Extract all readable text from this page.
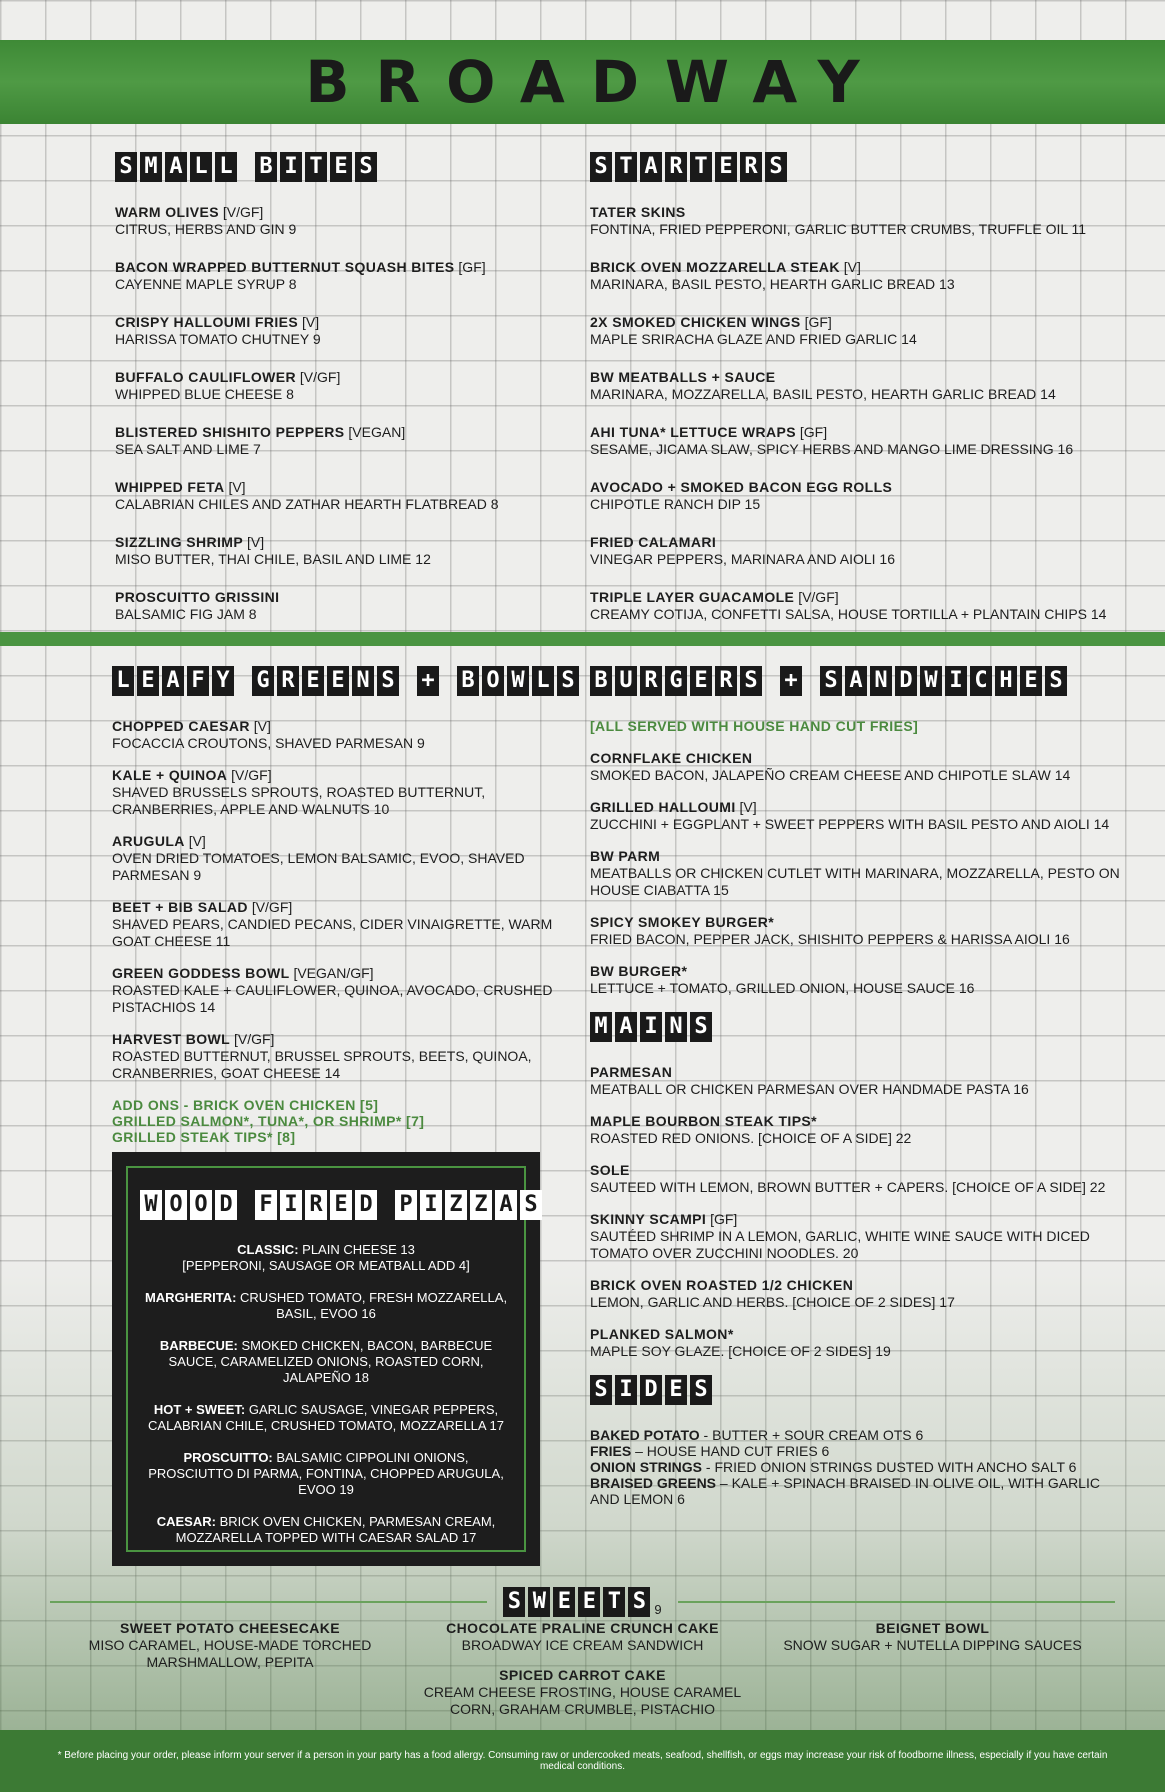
BROADWAY
S M A L L B I T E S
WARM OLIVES [V/GF]
CITRUS, HERBS AND GIN 9
BACON WRAPPED BUTTERNUT SQUASH BITES [GF]
CAYENNE MAPLE SYRUP 8
CRISPY HALLOUMI FRIES [V]
HARISSA TOMATO CHUTNEY 9
BUFFALO CAULIFLOWER [V/GF]
WHIPPED BLUE CHEESE 8
BLISTERED SHISHITO PEPPERS [VEGAN]
SEA SALT AND LIME 7
WHIPPED FETA [V]
CALABRIAN CHILES AND ZATHAR HEARTH FLATBREAD 8
SIZZLING SHRIMP [V]
MISO BUTTER, THAI CHILE, BASIL AND LIME 12
PROSCUITTO GRISSINI
BALSAMIC FIG JAM 8
S T A R T E R S
TATER SKINS
FONTINA, FRIED PEPPERONI, GARLIC BUTTER CRUMBS, TRUFFLE OIL 11
BRICK OVEN MOZZARELLA STEAK [V]
MARINARA, BASIL PESTO, HEARTH GARLIC BREAD 13
2X SMOKED CHICKEN WINGS [GF]
MAPLE SRIRACHA GLAZE AND FRIED GARLIC 14
BW MEATBALLS + SAUCE
MARINARA, MOZZARELLA, BASIL PESTO, HEARTH GARLIC BREAD 14
AHI TUNA* LETTUCE WRAPS [GF]
SESAME, JICAMA SLAW, SPICY HERBS AND MANGO LIME DRESSING 16
AVOCADO + SMOKED BACON EGG ROLLS
CHIPOTLE RANCH DIP 15
FRIED CALAMARI
VINEGAR PEPPERS, MARINARA AND AIOLI 16
TRIPLE LAYER GUACAMOLE [V/GF]
CREAMY COTIJA, CONFETTI SALSA, HOUSE TORTILLA + PLANTAIN CHIPS 14
L E A F Y G R E E N S + B O W L S
CHOPPED CAESAR [V]
FOCACCIA CROUTONS, SHAVED PARMESAN 9
KALE + QUINOA [V/GF]
SHAVED BRUSSELS SPROUTS, ROASTED BUTTERNUT, CRANBERRIES, APPLE AND WALNUTS 10
ARUGULA [V]
OVEN DRIED TOMATOES, LEMON BALSAMIC, EVOO, SHAVED PARMESAN 9
BEET + BIB SALAD [V/GF]
SHAVED PEARS, CANDIED PECANS, CIDER VINAIGRETTE, WARM GOAT CHEESE 11
GREEN GODDESS BOWL [VEGAN/GF]
ROASTED KALE + CAULIFLOWER, QUINOA, AVOCADO, CRUSHED PISTACHIOS 14
HARVEST BOWL [V/GF]
ROASTED BUTTERNUT, BRUSSEL SPROUTS, BEETS, QUINOA, CRANBERRIES, GOAT CHEESE 14
ADD ONS - BRICK OVEN CHICKEN [5]
GRILLED SALMON*, TUNA*, OR SHRIMP* [7]
GRILLED STEAK TIPS* [8]
B U R G E R S + S A N D W I C H E S
[ALL SERVED WITH HOUSE HAND CUT FRIES]
CORNFLAKE CHICKEN
SMOKED BACON, JALAPEÑO CREAM CHEESE AND CHIPOTLE SLAW 14
GRILLED HALLOUMI [V]
ZUCCHINI + EGGPLANT + SWEET PEPPERS WITH BASIL PESTO AND AIOLI 14
BW PARM
MEATBALLS OR CHICKEN CUTLET WITH MARINARA, MOZZARELLA, PESTO ON HOUSE CIABATTA 15
SPICY SMOKEY BURGER*
FRIED BACON, PEPPER JACK, SHISHITO PEPPERS & HARISSA AIOLI 16
BW BURGER*
LETTUCE + TOMATO, GRILLED ONION, HOUSE SAUCE 16
M A I N S
PARMESAN
MEATBALL OR CHICKEN PARMESAN OVER HANDMADE PASTA 16
MAPLE BOURBON STEAK TIPS*
ROASTED RED ONIONS. [CHOICE OF A SIDE] 22
SOLE
SAUTEED WITH LEMON, BROWN BUTTER + CAPERS. [CHOICE OF A SIDE] 22
SKINNY SCAMPI [GF]
SAUTÉED SHRIMP IN A LEMON, GARLIC, WHITE WINE SAUCE WITH DICED TOMATO OVER ZUCCHINI NOODLES. 20
BRICK OVEN ROASTED 1/2 CHICKEN
LEMON, GARLIC AND HERBS. [CHOICE OF 2 SIDES] 17
PLANKED SALMON*
MAPLE SOY GLAZE. [CHOICE OF 2 SIDES] 19
S I D E S
BAKED POTATO - BUTTER + SOUR CREAM OTS 6
FRIES – HOUSE HAND CUT FRIES 6
ONION STRINGS - FRIED ONION STRINGS DUSTED WITH ANCHO SALT 6
BRAISED GREENS – KALE + SPINACH BRAISED IN OLIVE OIL, WITH GARLIC AND LEMON 6
W O O D F I R E D P I Z Z A S
CLASSIC: PLAIN CHEESE 13
[PEPPERONI, SAUSAGE OR MEATBALL ADD 4]
MARGHERITA: CRUSHED TOMATO, FRESH MOZZARELLA, BASIL, EVOO 16
BARBECUE: SMOKED CHICKEN, BACON, BARBECUE SAUCE, CARAMELIZED ONIONS, ROASTED CORN, JALAPEÑO 18
HOT + SWEET: GARLIC SAUSAGE, VINEGAR PEPPERS, CALABRIAN CHILE, CRUSHED TOMATO, MOZZARELLA 17
PROSCUITTO: BALSAMIC CIPPOLINI ONIONS, PROSCIUTTO DI PARMA, FONTINA, CHOPPED ARUGULA, EVOO 19
CAESAR: BRICK OVEN CHICKEN, PARMESAN CREAM, MOZZARELLA TOPPED WITH CAESAR SALAD 17
S W E E T S 9
SWEET POTATO CHEESECAKE
MISO CARAMEL, HOUSE-MADE TORCHED MARSHMALLOW, PEPITA
CHOCOLATE PRALINE CRUNCH CAKE
BROADWAY ICE CREAM SANDWICH
BEIGNET BOWL
SNOW SUGAR + NUTELLA DIPPING SAUCES
SPICED CARROT CAKE
CREAM CHEESE FROSTING, HOUSE CARAMEL CORN, GRAHAM CRUMBLE, PISTACHIO
* Before placing your order, please inform your server if a person in your party has a food allergy. Consuming raw or undercooked meats, seafood, shellfish, or eggs may increase your risk of foodborne illness, especially if you have certain medical conditions.
